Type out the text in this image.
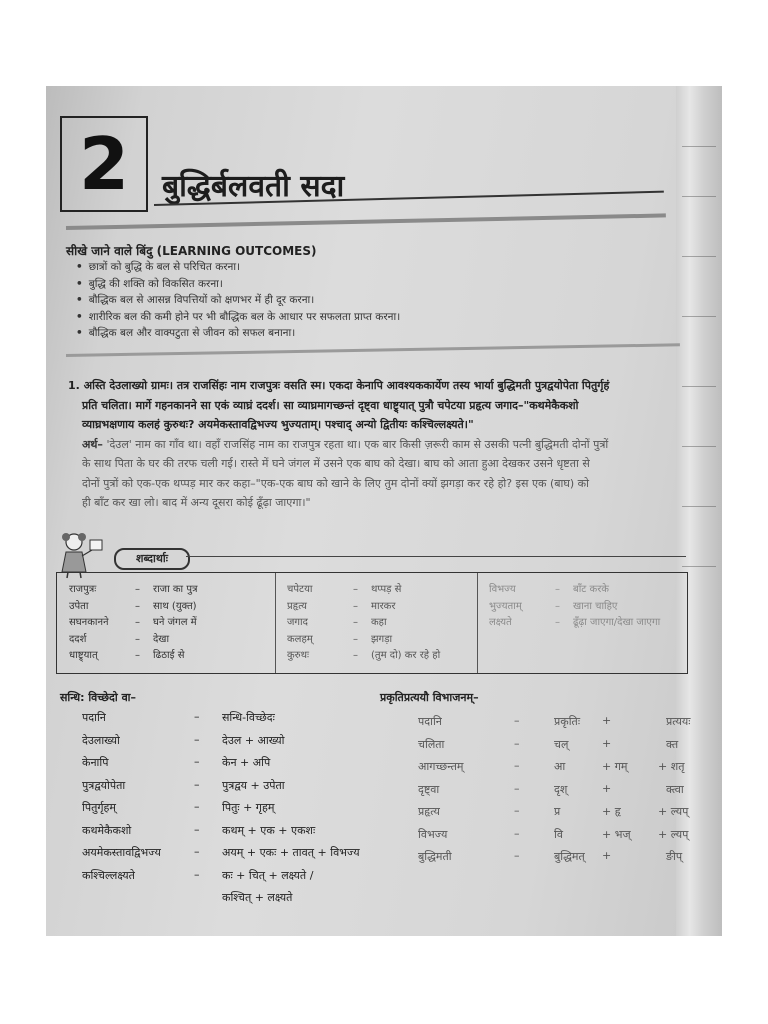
2	बुद्धिर्बलवती सदा
सीखे जाने वाले बिंदु (LEARNING OUTCOMES)
• छात्रों को बुद्धि के बल से परिचित करना।
• बुद्धि की शक्ति को विकसित करना।
• बौद्धिक बल से आसन्न विपत्तियों को क्षणभर में ही दूर करना।
• शारीरिक बल की कमी होने पर भी बौद्धिक बल के आधार पर सफलता प्राप्त करना।
• बौद्धिक बल और वाक्पटुता से जीवन को सफल बनाना।
1. अस्ति देउलाख्यो ग्रामः। तत्र राजसिंहः नाम राजपुत्रः वसति स्म। एकदा केनापि आवश्यककार्येण तस्य भार्या बुद्धिमती पुत्रद्वयोपेता पितुर्गृहं
प्रति चलिता। मार्गे गहनकानने सा एकं व्याघ्रं ददर्श। सा व्याघ्रमागच्छन्तं दृष्ट्वा धाष्ट्र्यात् पुत्रौ चपेटया प्रहृत्य जगाद–"कथमेकैकशो
व्याघ्रभक्षणाय कलहं कुरुथः? अयमेकस्तावद्विभज्य भुज्यताम्। पश्चाद् अन्यो द्वितीयः कश्चिल्लक्ष्यते।"
अर्थ– 'देउल' नाम का गाँव था। वहाँ राजसिंह नाम का राजपुत्र रहता था। एक बार किसी ज़रूरी काम से उसकी पत्नी बुद्धिमती दोनों पुत्रों
के साथ पिता के घर की तरफ चली गई। रास्ते में घने जंगल में उसने एक बाघ को देखा। बाघ को आता हुआ देखकर उसने धृष्टता से
दोनों पुत्रों को एक-एक थप्पड़ मार कर कहा–"एक-एक बाघ को खाने के लिए तुम दोनों क्यों झगड़ा कर रहे हो? इस एक (बाघ) को
ही बाँट कर खा लो। बाद में अन्य दूसरा कोई ढूँढ़ा जाएगा।"
शब्दार्थाः
राजपुत्रः	– राजा का पुत्र
उपेता	– साथ (युक्त)
सघनकानने	– घने जंगल में
ददर्श	– देखा
धाष्ट्र्यात्	– ढिठाई से
चपेटया	– थप्पड़ से
प्रहृत्य	– मारकर
जगाद	– कहा
कलहम्	– झगड़ा
कुरुथः	– (तुम दो) कर रहे हो
विभज्य	– बाँट करके
भुज्यताम्	– खाना चाहिए
लक्ष्यते	– ढूँढ़ा जाएगा/देखा जाएगा
सन्धि: विच्छेदो वा–
पदानि	– सन्धि-विच्छेदः
देउलाख्यो	– देउल + आख्यो
केनापि	– केन + अपि
पुत्रद्वयोपेता	– पुत्रद्वय + उपेता
पितुर्गृहम्	– पितुः + गृहम्
कथमेकैकशो	– कथम् + एक + एकशः
अयमेकस्तावद्विभज्य	– अयम् + एकः + तावत् + विभज्य
कश्चिल्लक्ष्यते	– कः + चित् + लक्ष्यते /
कश्चित् + लक्ष्यते
प्रकृतिप्रत्ययौ विभाजनम्–
पदानि	–	प्रकृतिः +	प्रत्ययः
चलिता	–	चल्	+	क्त
आगच्छन्तम्	–	आ	+ गम्	+ शतृ
दृष्ट्वा	–	दृश्	+	क्त्वा
प्रहृत्य	–	प्र	+ हृ	+ ल्यप्
विभज्य	–	वि	+ भज् + ल्यप्
बुद्धिमती	–	बुद्धिमत् +	ङीप्
